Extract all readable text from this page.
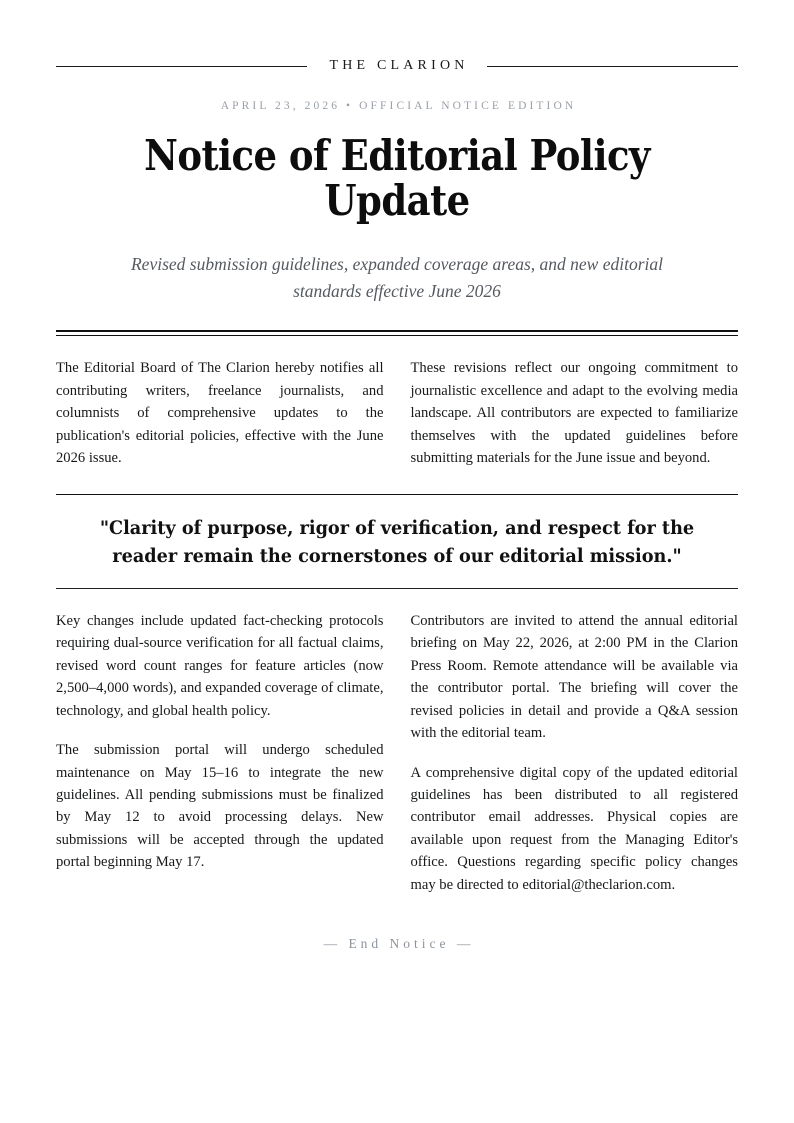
THE CLARION
APRIL 23, 2026 • OFFICIAL NOTICE EDITION
Notice of Editorial Policy Update
Revised submission guidelines, expanded coverage areas, and new editorial standards effective June 2026

The Editorial Board of The Clarion hereby notifies all contributing writers, freelance journalists, and columnists of comprehensive updates to the publication's editorial policies, effective with the June 2026 issue.

These revisions reflect our ongoing commitment to journalistic excellence and adapt to the evolving media landscape. All contributors are expected to familiarize themselves with the updated guidelines before submitting materials for the June issue and beyond.

"Clarity of purpose, rigor of verification, and respect for the reader remain the cornerstones of our editorial mission."

Key changes include updated fact-checking protocols requiring dual-source verification for all factual claims, revised word count ranges for feature articles (now 2,500–4,000 words), and expanded coverage of climate, technology, and global health policy.

The submission portal will undergo scheduled maintenance on May 15–16 to integrate the new guidelines. All pending submissions must be finalized by May 12 to avoid processing delays. New submissions will be accepted through the updated portal beginning May 17.

Contributors are invited to attend the annual editorial briefing on May 22, 2026, at 2:00 PM in the Clarion Press Room. Remote attendance will be available via the contributor portal. The briefing will cover the revised policies in detail and provide a Q&A session with the editorial team.

A comprehensive digital copy of the updated editorial guidelines has been distributed to all registered contributor email addresses. Physical copies are available upon request from the Managing Editor's office. Questions regarding specific policy changes may be directed to editorial@theclarion.com.

— End Notice —
